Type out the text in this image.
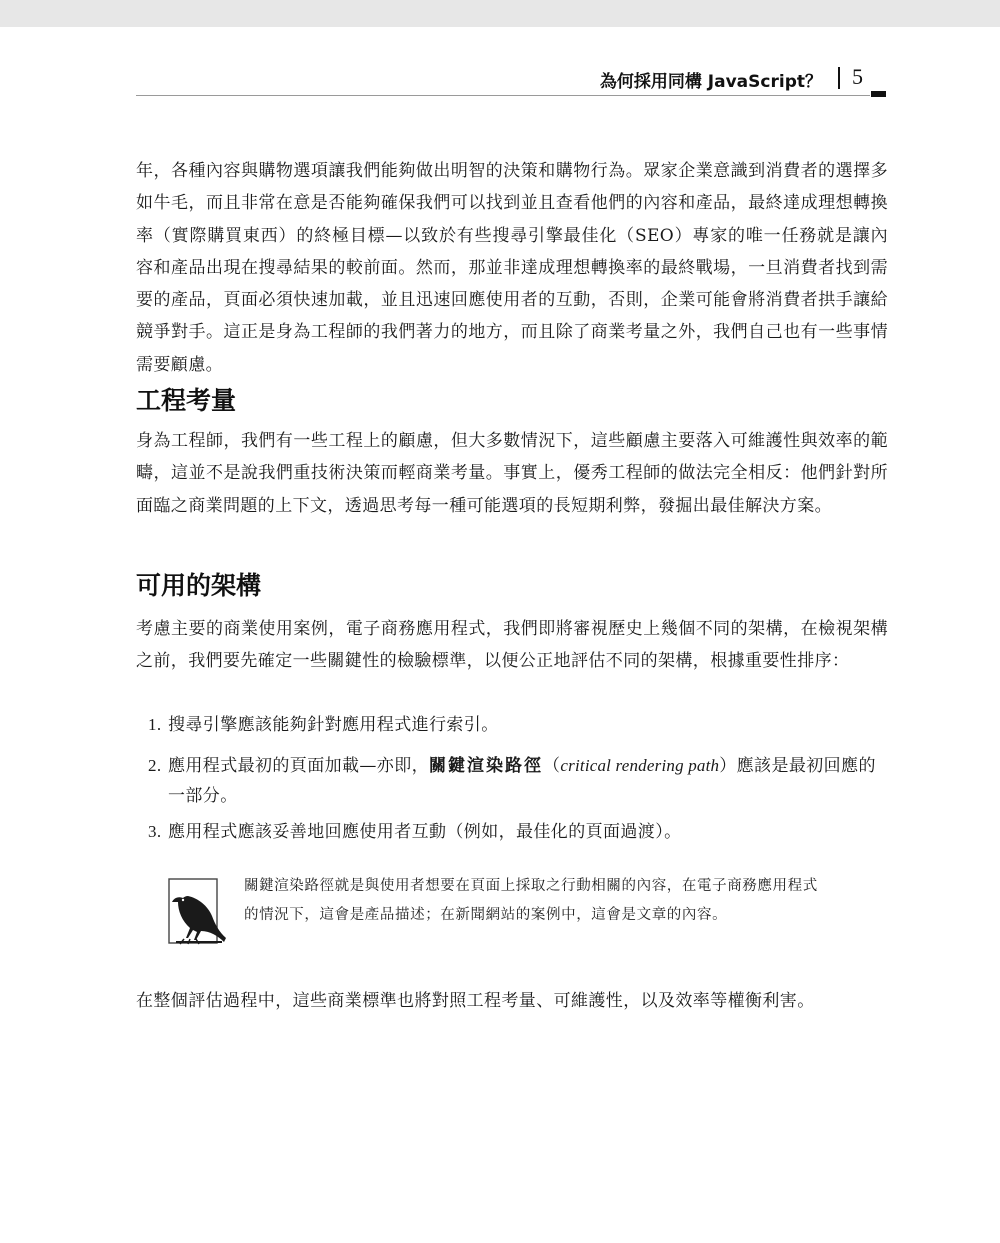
為何採用同構 JavaScript？ 5

年，各種內容與購物選項讓我們能夠做出明智的決策和購物行為。眾家企業意識到消費者的選擇多如牛毛，而且非常在意是否能夠確保我們可以找到並且查看他們的內容和產品，最終達成理想轉換率（實際購買東西）的終極目標—以致於有些搜尋引擎最佳化（SEO）專家的唯一任務就是讓內容和產品出現在搜尋結果的較前面。然而，那並非達成理想轉換率的最終戰場，一旦消費者找到需要的產品，頁面必須快速加載，並且迅速回應使用者的互動，否則，企業可能會將消費者拱手讓給競爭對手。這正是身為工程師的我們著力的地方，而且除了商業考量之外，我們自己也有一些事情需要顧慮。

工程考量

身為工程師，我們有一些工程上的顧慮，但大多數情況下，這些顧慮主要落入可維護性與效率的範疇，這並不是說我們重技術決策而輕商業考量。事實上，優秀工程師的做法完全相反：他們針對所面臨之商業問題的上下文，透過思考每一種可能選項的長短期利弊，發掘出最佳解決方案。

可用的架構

考慮主要的商業使用案例，電子商務應用程式，我們即將審視歷史上幾個不同的架構，在檢視架構之前，我們要先確定一些關鍵性的檢驗標準，以便公正地評估不同的架構，根據重要性排序：

1. 搜尋引擎應該能夠針對應用程式進行索引。
2. 應用程式最初的頁面加載—亦即，關鍵渲染路徑（critical rendering path）應該是最初回應的一部分。
3. 應用程式應該妥善地回應使用者互動（例如，最佳化的頁面過渡）。

關鍵渲染路徑就是與使用者想要在頁面上採取之行動相關的內容，在電子商務應用程式的情況下，這會是產品描述；在新聞網站的案例中，這會是文章的內容。

在整個評估過程中，這些商業標準也將對照工程考量、可維護性，以及效率等權衡利害。
